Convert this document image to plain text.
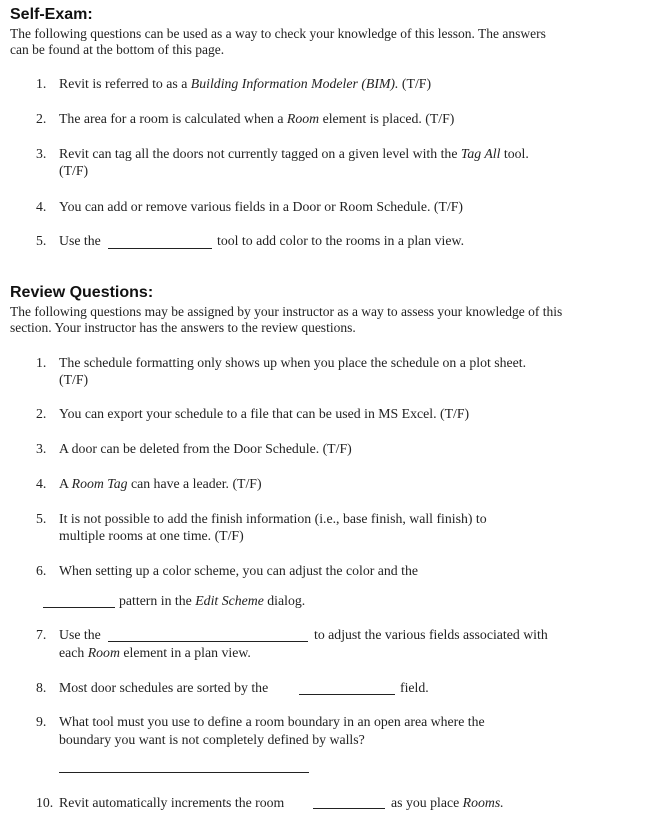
Self-Exam:
The following questions can be used as a way to check your knowledge of this lesson. The answers
can be found at the bottom of this page.
1. Revit is referred to as a Building Information Modeler (BIM). (T/F)
2. The area for a room is calculated when a Room element is placed. (T/F)
3. Revit can tag all the doors not currently tagged on a given level with the Tag All tool.
(T/F)
4. You can add or remove various fields in a Door or Room Schedule. (T/F)
5. Use the	tool to add color to the rooms in a plan view.
Review Questions:
The following questions may be assigned by your instructor as a way to assess your knowledge of this
section. Your instructor has the answers to the review questions.
1. The schedule formatting only shows up when you place the schedule on a plot sheet.
(T/F)
2. You can export your schedule to a file that can be used in MS Excel. (T/F)
3. A door can be deleted from the Door Schedule. (T/F)
4. A Room Tag can have a leader. (T/F)
5. It is not possible to add the finish information (i.e., base finish, wall finish) to
multiple rooms at one time. (T/F)
6. When setting up a color scheme, you can adjust the color and the
pattern in the Edit Scheme dialog.
7. Use the	to adjust the various fields associated with
each Room element in a plan view.
8. Most door schedules are sorted by the	field.
9. What tool must you use to define a room boundary in an open area where the
boundary you want is not completely defined by walls?
10. Revit automatically increments the room	as you place Rooms.
